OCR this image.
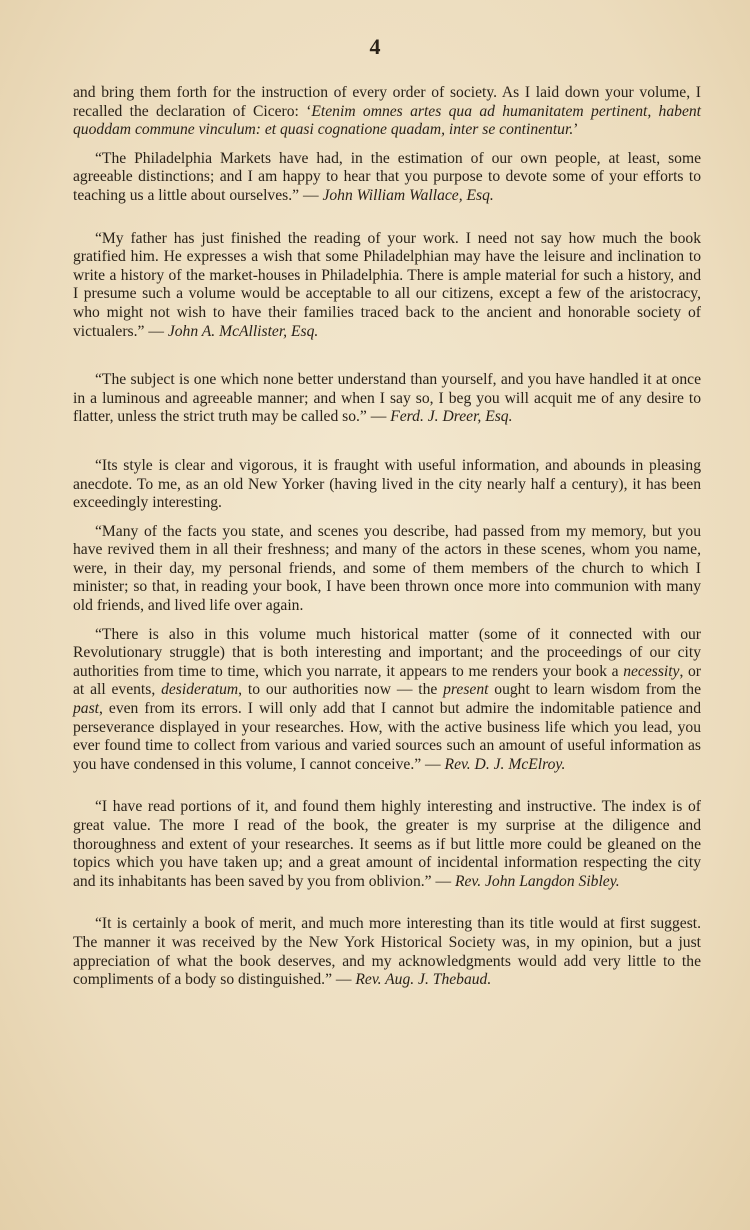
4

and bring them forth for the instruction of every order of society. As I laid down your volume, I recalled the declaration of Cicero: ‘Etenim omnes artes qua ad humanitatem pertinent, habent quoddam commune vinculum: et quasi cognatione quadam, inter se continentur.’

“The Philadelphia Markets have had, in the estimation of our own people, at least, some agreeable distinctions; and I am happy to hear that you purpose to devote some of your efforts to teaching us a little about ourselves.” — John William Wallace, Esq.

“My father has just finished the reading of your work. I need not say how much the book gratified him. He expresses a wish that some Philadelphian may have the leisure and inclination to write a history of the market-houses in Philadelphia. There is ample material for such a history, and I presume such a volume would be acceptable to all our citizens, except a few of the aristocracy, who might not wish to have their families traced back to the ancient and honorable society of victualers.” — John A. McAllister, Esq.

“The subject is one which none better understand than yourself, and you have handled it at once in a luminous and agreeable manner; and when I say so, I beg you will acquit me of any desire to flatter, unless the strict truth may be called so.” — Ferd. J. Dreer, Esq.

“Its style is clear and vigorous, it is fraught with useful information, and abounds in pleasing anecdote. To me, as an old New Yorker (having lived in the city nearly half a century), it has been exceedingly interesting.

“Many of the facts you state, and scenes you describe, had passed from my memory, but you have revived them in all their freshness; and many of the actors in these scenes, whom you name, were, in their day, my personal friends, and some of them members of the church to which I minister; so that, in reading your book, I have been thrown once more into communion with many old friends, and lived life over again.

“There is also in this volume much historical matter (some of it connected with our Revolutionary struggle) that is both interesting and important; and the proceedings of our city authorities from time to time, which you narrate, it appears to me renders your book a necessity, or at all events, desideratum, to our authorities now — the present ought to learn wisdom from the past, even from its errors. I will only add that I cannot but admire the indomitable patience and perseverance displayed in your researches. How, with the active business life which you lead, you ever found time to collect from various and varied sources such an amount of useful information as you have condensed in this volume, I cannot conceive.” — Rev. D. J. McElroy.

“I have read portions of it, and found them highly interesting and instructive. The index is of great value. The more I read of the book, the greater is my surprise at the diligence and thoroughness and extent of your researches. It seems as if but little more could be gleaned on the topics which you have taken up; and a great amount of incidental information respecting the city and its inhabitants has been saved by you from oblivion.” — Rev. John Langdon Sibley.

“It is certainly a book of merit, and much more interesting than its title would at first suggest. The manner it was received by the New York Historical Society was, in my opinion, but a just appreciation of what the book deserves, and my acknowledgments would add very little to the compliments of a body so distinguished.” — Rev. Aug. J. Thebaud.
